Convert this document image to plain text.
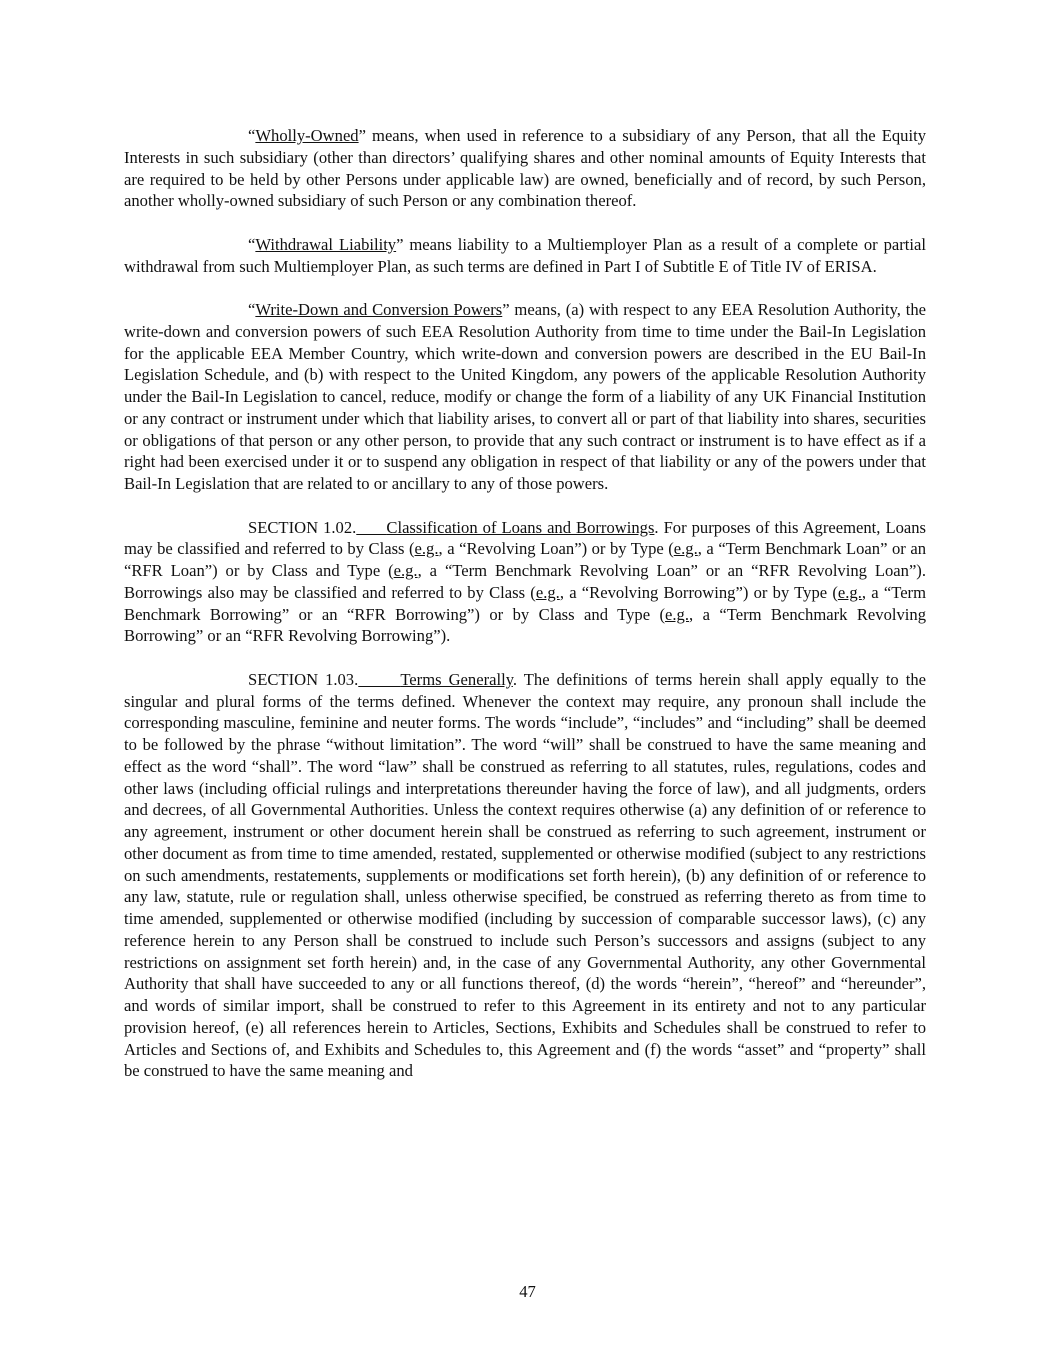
“Wholly-Owned” means, when used in reference to a subsidiary of any Person, that all the Equity Interests in such subsidiary (other than directors’ qualifying shares and other nominal amounts of Equity Interests that are required to be held by other Persons under applicable law) are owned, beneficially and of record, by such Person, another wholly-owned subsidiary of such Person or any combination thereof.

“Withdrawal Liability” means liability to a Multiemployer Plan as a result of a complete or partial withdrawal from such Multiemployer Plan, as such terms are defined in Part I of Subtitle E of Title IV of ERISA.

“Write-Down and Conversion Powers” means, (a) with respect to any EEA Resolution Authority, the write-down and conversion powers of such EEA Resolution Authority from time to time under the Bail-In Legislation for the applicable EEA Member Country, which write-down and conversion powers are described in the EU Bail-In Legislation Schedule, and (b) with respect to the United Kingdom, any powers of the applicable Resolution Authority under the Bail-In Legislation to cancel, reduce, modify or change the form of a liability of any UK Financial Institution or any contract or instrument under which that liability arises, to convert all or part of that liability into shares, securities or obligations of that person or any other person, to provide that any such contract or instrument is to have effect as if a right had been exercised under it or to suspend any obligation in respect of that liability or any of the powers under that Bail-In Legislation that are related to or ancillary to any of those powers.

SECTION 1.02. Classification of Loans and Borrowings. For purposes of this Agreement, Loans may be classified and referred to by Class (e.g., a “Revolving Loan”) or by Type (e.g., a “Term Benchmark Loan” or an “RFR Loan”) or by Class and Type (e.g., a “Term Benchmark Revolving Loan” or an “RFR Revolving Loan”). Borrowings also may be classified and referred to by Class (e.g., a “Revolving Borrowing”) or by Type (e.g., a “Term Benchmark Borrowing” or an “RFR Borrowing”) or by Class and Type (e.g., a “Term Benchmark Revolving Borrowing” or an “RFR Revolving Borrowing”).

SECTION 1.03.	Terms Generally. The definitions of terms herein shall apply equally to the singular and plural forms of the terms defined. Whenever the context may require, any pronoun shall include the corresponding masculine, feminine and neuter forms. The words “include”, “includes” and “including” shall be deemed to be followed by the phrase “without limitation”. The word “will” shall be construed to have the same meaning and effect as the word “shall”. The word “law” shall be construed as referring to all statutes, rules, regulations, codes and other laws (including official rulings and interpretations thereunder having the force of law), and all judgments, orders and decrees, of all Governmental Authorities. Unless the context requires otherwise (a) any definition of or reference to any agreement, instrument or other document herein shall be construed as referring to such agreement, instrument or other document as from time to time amended, restated, supplemented or otherwise modified (subject to any restrictions on such amendments, restatements, supplements or modifications set forth herein), (b) any definition of or reference to any law, statute, rule or regulation shall, unless otherwise specified, be construed as referring thereto as from time to time amended, supplemented or otherwise modified (including by succession of comparable successor laws), (c) any reference herein to any Person shall be construed to include such Person’s successors and assigns (subject to any restrictions on assignment set forth herein) and, in the case of any Governmental Authority, any other Governmental Authority that shall have succeeded to any or all functions thereof, (d) the words “herein”, “hereof” and “hereunder”, and words of similar import, shall be construed to refer to this Agreement in its entirety and not to any particular provision hereof, (e) all references herein to Articles, Sections, Exhibits and Schedules shall be construed to refer to Articles and Sections of, and Exhibits and Schedules to, this Agreement and (f) the words “asset” and “property” shall be construed to have the same meaning and

47
